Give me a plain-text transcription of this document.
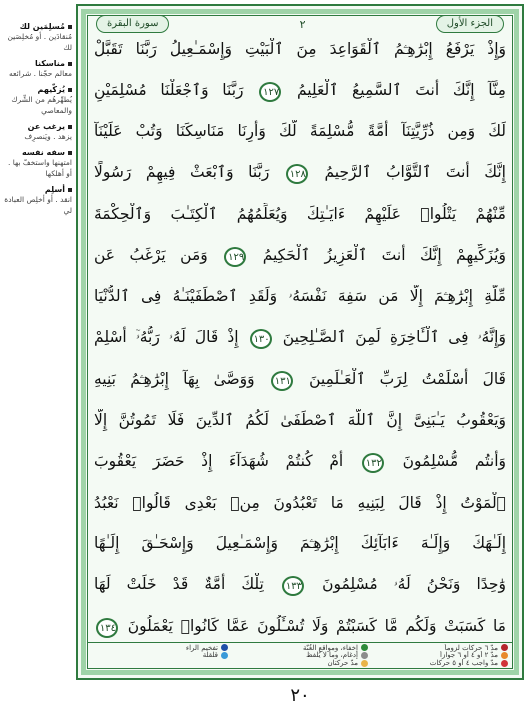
مُسلِمَين لك
مُنقادَين . أو مُخلِصَين لك
مناسكنا
معالم حجّنا . شرائعه
يُزكّيهم
يُطهِّرهُم من الشِّرك والمعاصي
يرغب عن
يزهد . ويَنصرِف
سفه نفسه
امتهنها واستخفّ بها . أو أهلكها
أسلِم
انقد . أو أخلِص العبادة لي
الجزء الأول
٢
سورة البقرة
وَإِذْ يَرْفَعُ إِبْرَٰهِـۧمُ ٱلْقَوَاعِدَ مِنَ ٱلْبَيْتِ وَإِسْمَـٰعِيلُ رَبَّنَا تَقَبَّلْ
مِنَّآ إِنَّكَ أَنتَ ٱلسَّمِيعُ ٱلْعَلِيمُ ١٢٧ رَبَّنَا وَٱجْعَلْنَا مُسْلِمَيْنِ
لَكَ وَمِن ذُرِّيَّتِنَآ أُمَّةً مُّسْلِمَةً لَّكَ وَأَرِنَا مَنَاسِكَنَا وَتُبْ عَلَيْنَآ
إِنَّكَ أَنتَ ٱلتَّوَّابُ ٱلرَّحِيمُ ١٢٨ رَبَّنَا وَٱبْعَثْ فِيهِمْ رَسُولًا
مِّنْهُمْ يَتْلُوا۟ عَلَيْهِمْ ءَايَـٰتِكَ وَيُعَلِّمُهُمُ ٱلْكِتَـٰبَ وَٱلْحِكْمَةَ
وَيُزَكِّيهِمْ إِنَّكَ أَنتَ ٱلْعَزِيزُ ٱلْحَكِيمُ ١٢٩ وَمَن يَرْغَبُ عَن
مِّلَّةِ إِبْرَٰهِـۧمَ إِلَّا مَن سَفِهَ نَفْسَهُۥ وَلَقَدِ ٱصْطَفَيْنَـٰهُ فِى ٱلدُّنْيَا
وَإِنَّهُۥ فِى ٱلْـَٔاخِرَةِ لَمِنَ ٱلصَّـٰلِحِينَ ١٣٠ إِذْ قَالَ لَهُۥ رَبُّهُۥٓ أَسْلِمْ
قَالَ أَسْلَمْتُ لِرَبِّ ٱلْعَـٰلَمِينَ ١٣١ وَوَصَّىٰ بِهَآ إِبْرَٰهِـۧمُ بَنِيهِ
وَيَعْقُوبُ يَـٰبَنِىَّ إِنَّ ٱللَّهَ ٱصْطَفَىٰ لَكُمُ ٱلدِّينَ فَلَا تَمُوتُنَّ إِلَّا
وَأَنتُم مُّسْلِمُونَ ١٣٢ أَمْ كُنتُمْ شُهَدَآءَ إِذْ حَضَرَ يَعْقُوبَ
ٱلْمَوْتُ إِذْ قَالَ لِبَنِيهِ مَا تَعْبُدُونَ مِنۢ بَعْدِى قَالُوا۟ نَعْبُدُ
إِلَـٰهَكَ وَإِلَـٰهَ ءَابَآئِكَ إِبْرَٰهِـۧمَ وَإِسْمَـٰعِيلَ وَإِسْحَـٰقَ إِلَـٰهًا
وَٰحِدًا وَنَحْنُ لَهُۥ مُسْلِمُونَ ١٣٣ تِلْكَ أُمَّةٌ قَدْ خَلَتْ لَهَا
مَا كَسَبَتْ وَلَكُم مَّا كَسَبْتُمْ وَلَا تُسْـَٔلُونَ عَمَّا كَانُوا۟ يَعْمَلُونَ ١٣٤
مدّ ٦ حركات لزوماً
إخفاء، ومواقع الغُنّة
تفخيم الراء
مدّ ٢ أو ٤ أو ٦ جوازاً
إدغام، وما لا يُلفظ
قلقلة
مدّ واجب ٤ أو ٥ حركات
مدّ حركتان
٢٠
